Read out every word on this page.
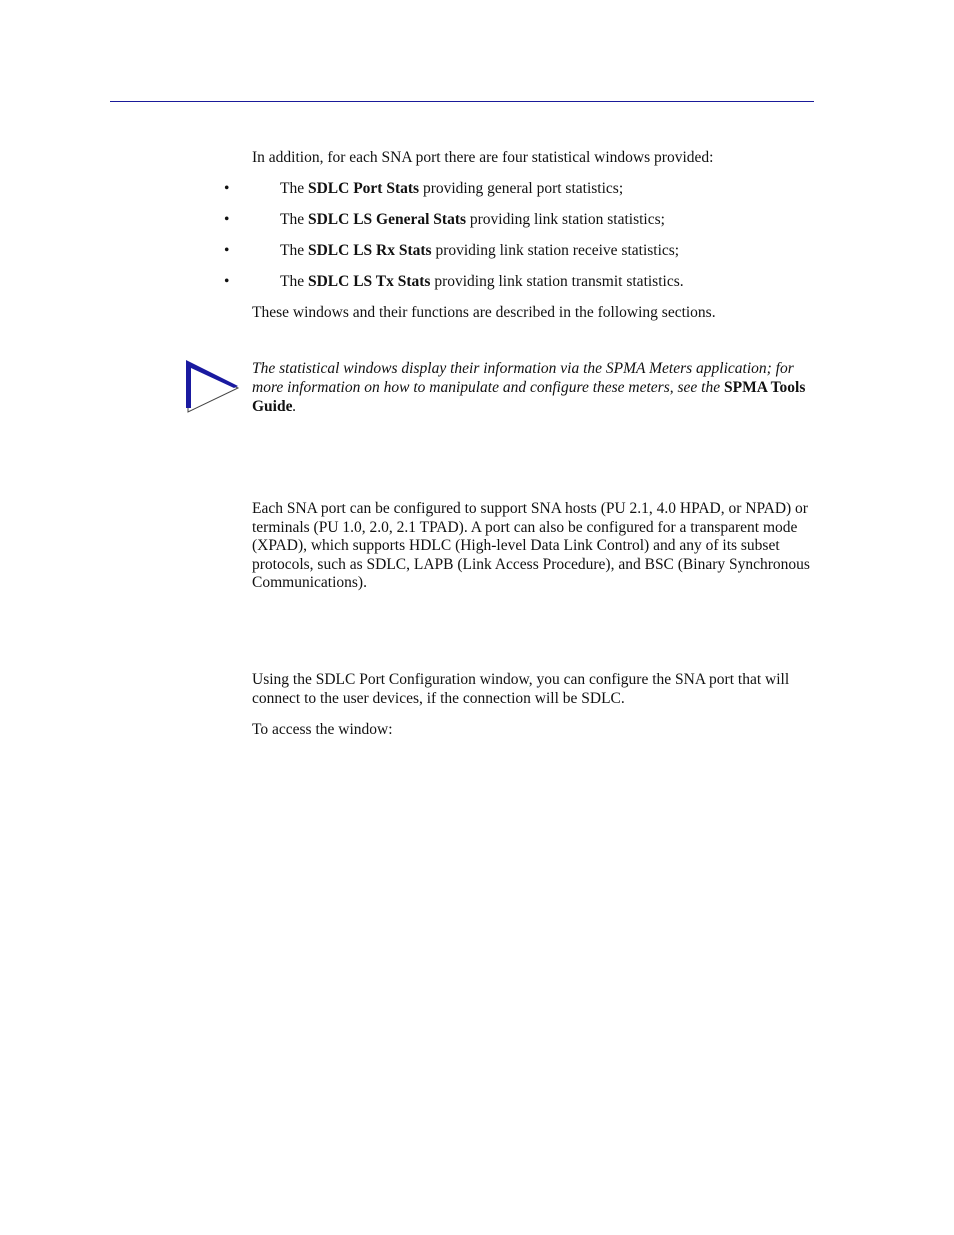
In addition, for each SNA port there are four statistical windows provided:

•	The SDLC Port Stats providing general port statistics;
•	The SDLC LS General Stats providing link station statistics;
•	The SDLC LS Rx Stats providing link station receive statistics;
•	The SDLC LS Tx Stats providing link station transmit statistics.

These windows and their functions are described in the following sections.

The statistical windows display their information via the SPMA Meters application; for more information on how to manipulate and configure these meters, see the SPMA Tools Guide.

Each SNA port can be configured to support SNA hosts (PU 2.1, 4.0 HPAD, or NPAD) or terminals (PU 1.0, 2.0, 2.1 TPAD). A port can also be configured for a transparent mode (XPAD), which supports HDLC (High-level Data Link Control) and any of its subset protocols, such as SDLC, LAPB (Link Access Procedure), and BSC (Binary Synchronous Communications).

Using the SDLC Port Configuration window, you can configure the SNA port that will connect to the user devices, if the connection will be SDLC.

To access the window:
